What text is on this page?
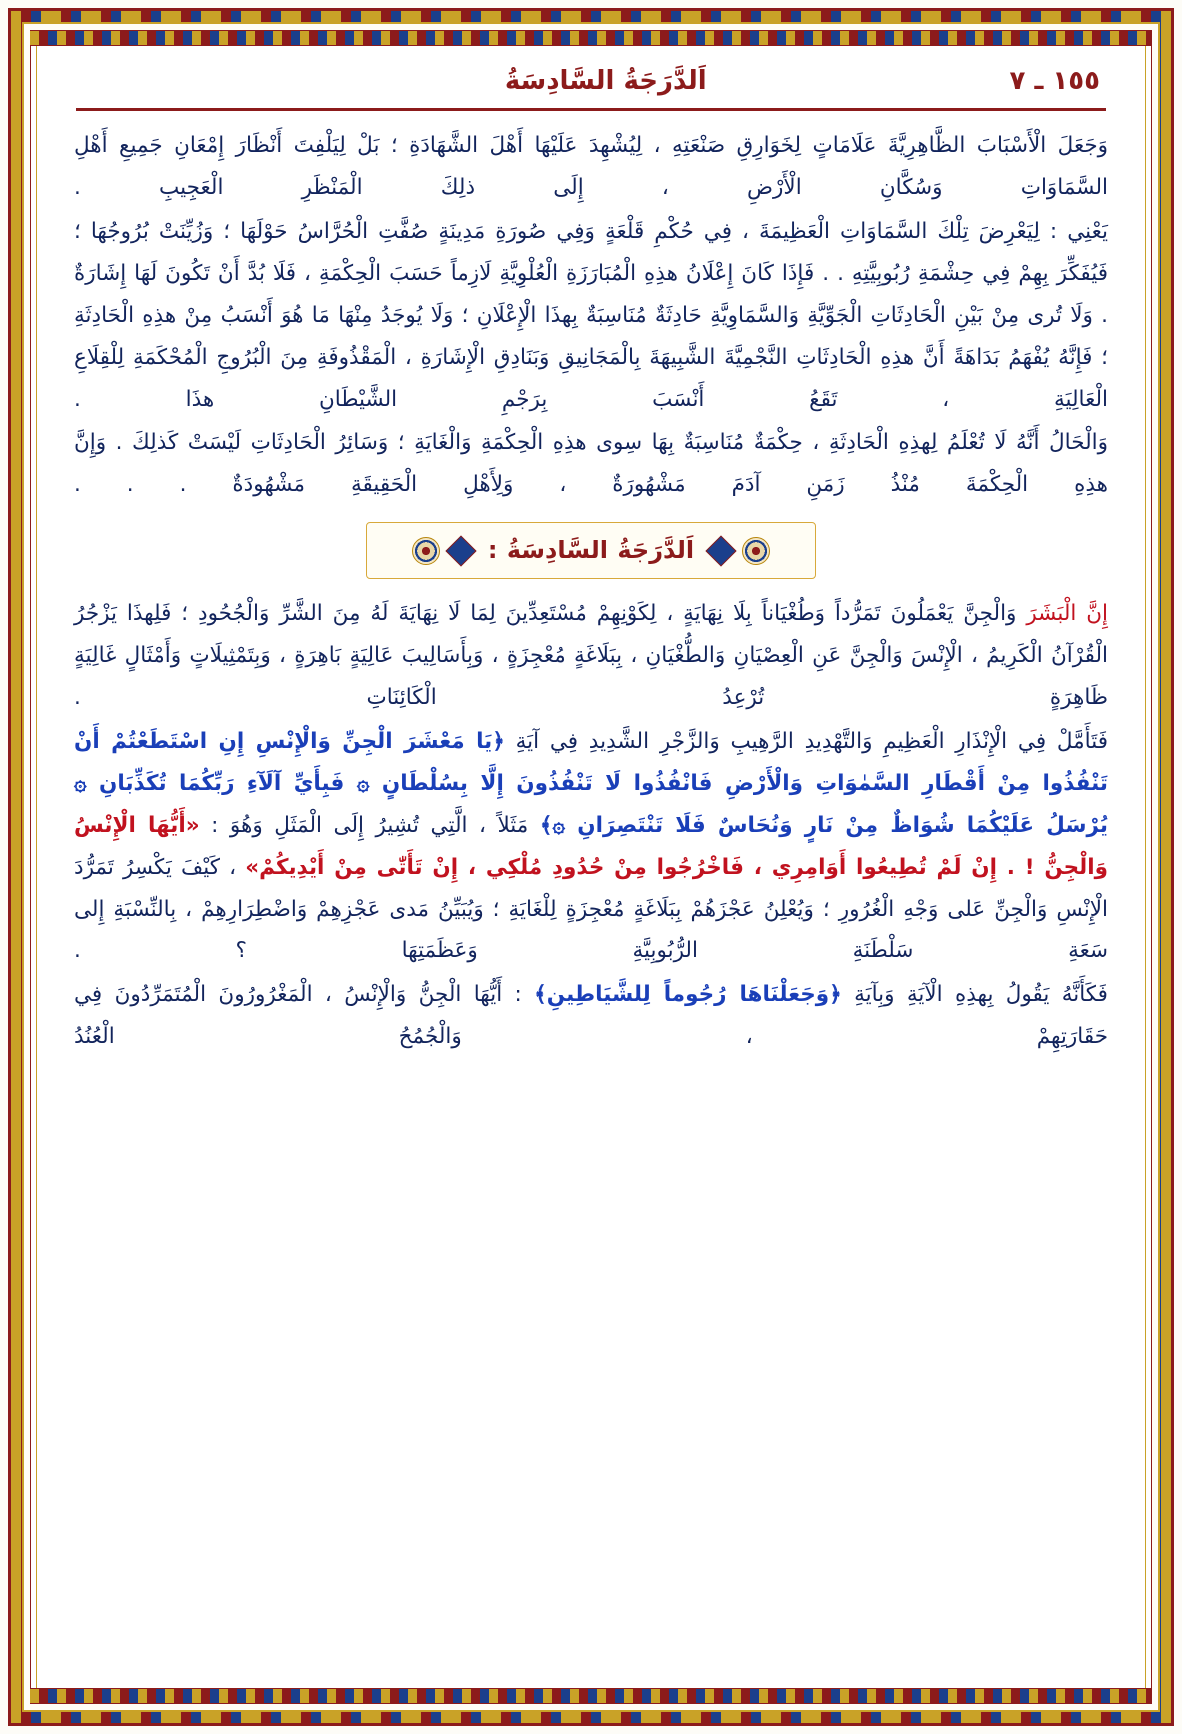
١٥٥ ـ ٧
اَلدَّرَجَةُ السَّادِسَةُ

وَجَعَلَ الْأَسْبَابَ الظَّاهِرِيَّةَ عَلَامَاتٍ لِخَوَارِقِ صَنْعَتِهِ ، لِيُشْهِدَ عَلَيْهَا أَهْلَ الشَّهَادَةِ ؛ بَلْ لِيَلْفِتَ أَنْظَارَ إِمْعَانِ جَمِيعِ أَهْلِ السَّمَاوَاتِ وَسُكَّانِ الْأَرْضِ ، إِلَى ذلِكَ الْمَنْظَرِ الْعَجِيبِ .

يَعْنِي : لِيَعْرِضَ تِلْكَ السَّمَاوَاتِ الْعَظِيمَةَ ، فِي حُكْمِ قَلْعَةٍ وَفِي صُورَةِ مَدِينَةٍ صُفَّتِ الْحُرَّاسُ حَوْلَهَا ؛ وَزُيِّنَتْ بُرُوجُهَا ؛ فَيُفَكِّرَ بِهِمْ فِي حِشْمَةِ رُبُوبِيَّتِهِ . . فَإِذَا كَانَ إِعْلَانُ هذِهِ الْمُبَارَزَةِ الْعُلْوِيَّةِ لَازِماً حَسَبَ الْحِكْمَةِ ، فَلَا بُدَّ أَنْ تَكُونَ لَهَا إِشَارَةٌ . وَلَا تُرى مِنْ بَيْنِ الْحَادِثَاتِ الْجَوِّيَّةِ وَالسَّمَاوِيَّةِ حَادِثَةٌ مُنَاسِبَةٌ بِهذَا الْإِعْلَانِ ؛ وَلَا يُوجَدُ مِنْهَا مَا هُوَ أَنْسَبُ مِنْ هذِهِ الْحَادِثَةِ ؛ فَإِنَّهُ يُفْهَمُ بَدَاهَةً أَنَّ هذِهِ الْحَادِثَاتِ النَّجْمِيَّةَ الشَّبِيهَةَ بِالْمَجَانِيقِ وَبَنَادِقِ الْإِشَارَةِ ، الْمَقْذُوفَةِ مِنَ الْبُرُوجِ الْمُحْكَمَةِ لِلْقِلَاعِ الْعَالِيَةِ ، تَقَعُ أَنْسَبَ بِرَجْمِ الشَّيْطَانِ هذَا .

وَالْحَالُ أَنَّهُ لَا تُعْلَمُ لِهذِهِ الْحَادِثَةِ ، حِكْمَةٌ مُنَاسِبَةٌ بِهَا سِوى هذِهِ الْحِكْمَةِ وَالْغَايَةِ ؛ وَسَائِرُ الْحَادِثَاتِ لَيْسَتْ كَذلِكَ . وَإِنَّ هذِهِ الْحِكْمَةَ مُنْذُ زَمَنِ آدَمَ مَشْهُورَةٌ ، وَلِأَهْلِ الْحَقِيقَةِ مَشْهُودَةٌ . . .

اَلدَّرَجَةُ السَّادِسَةُ :

إِنَّ الْبَشَرَ وَالْجِنَّ يَعْمَلُونَ تَمَرُّداً وَطُغْيَاناً بِلَا نِهَايَةٍ ، لِكَوْنِهِمْ مُسْتَعِدِّينَ لِمَا لَا نِهَايَةَ لَهُ مِنَ الشَّرِّ وَالْجُحُودِ ؛ فَلِهذَا يَزْجُرُ الْقُرْآنُ الْكَرِيمُ ، الْإِنْسَ وَالْجِنَّ عَنِ الْعِصْيَانِ وَالطُّغْيَانِ ، بِبَلَاغَةٍ مُعْجِزَةٍ ، وَبِأَسَالِيبَ عَالِيَةٍ بَاهِرَةٍ ، وَبِتَمْثِيلَاتٍ وَأَمْثَالٍ غَالِيَةٍ ظَاهِرَةٍ تُرْعِدُ الْكَائِنَاتِ .

فَتَأَمَّلْ فِي الْإِنْذَارِ الْعَظِيمِ وَالتَّهْدِيدِ الرَّهِيبِ وَالزَّجْرِ الشَّدِيدِ فِي آيَةِ ﴿يَا مَعْشَرَ الْجِنِّ وَالْإِنْسِ إِنِ اسْتَطَعْتُمْ أَنْ تَنْفُذُوا مِنْ أَقْطَارِ السَّمٰوَاتِ وَالْأَرْضِ فَانْفُذُوا لَا تَنْفُذُونَ إِلَّا بِسُلْطَانٍ ۞ فَبِأَيِّ آلَآءِ رَبِّكُمَا تُكَذِّبَانِ ۞ يُرْسَلُ عَلَيْكُمَا شُوَاظٌ مِنْ نَارٍ وَنُحَاسٌ فَلَا تَنْتَصِرَانِ ۞﴾ مَثَلاً ، الَّتِي تُشِيرُ إِلَى الْمَثَلِ وَهُوَ : «أَيُّهَا الْإِنْسُ وَالْجِنُّ ! . إِنْ لَمْ تُطِيعُوا أَوَامِرِي ، فَاخْرُجُوا مِنْ حُدُودِ مُلْكِي ، إِنْ تَأَتّٰى مِنْ أَيْدِيكُمْ» ، كَيْفَ يَكْسِرُ تَمَرُّدَ الْإِنْسِ وَالْجِنِّ عَلى وَجْهِ الْغُرُورِ ؛ وَيُعْلِنُ عَجْزَهُمْ بِبَلَاغَةٍ مُعْجِزَةٍ لِلْغَايَةِ ؛ وَيُبَيِّنُ مَدى عَجْزِهِمْ وَاضْطِرَارِهِمْ ، بِالنِّسْبَةِ إِلى سَعَةِ سَلْطَنَةِ الرُّبُوبِيَّةِ وَعَظَمَتِهَا ؟ .

فَكَأَنَّهُ يَقُولُ بِهذِهِ الْآيَةِ وَبِآيَةِ ﴿وَجَعَلْنَاهَا رُجُوماً لِلشَّيَاطِينِ﴾ : أَيُّهَا الْجِنُّ وَالْإِنْسُ ، الْمَغْرُورُونَ الْمُتَمَرِّدُونَ فِي حَقَارَتِهِمْ ، وَالْجُمُحُ الْعُنُدُ
